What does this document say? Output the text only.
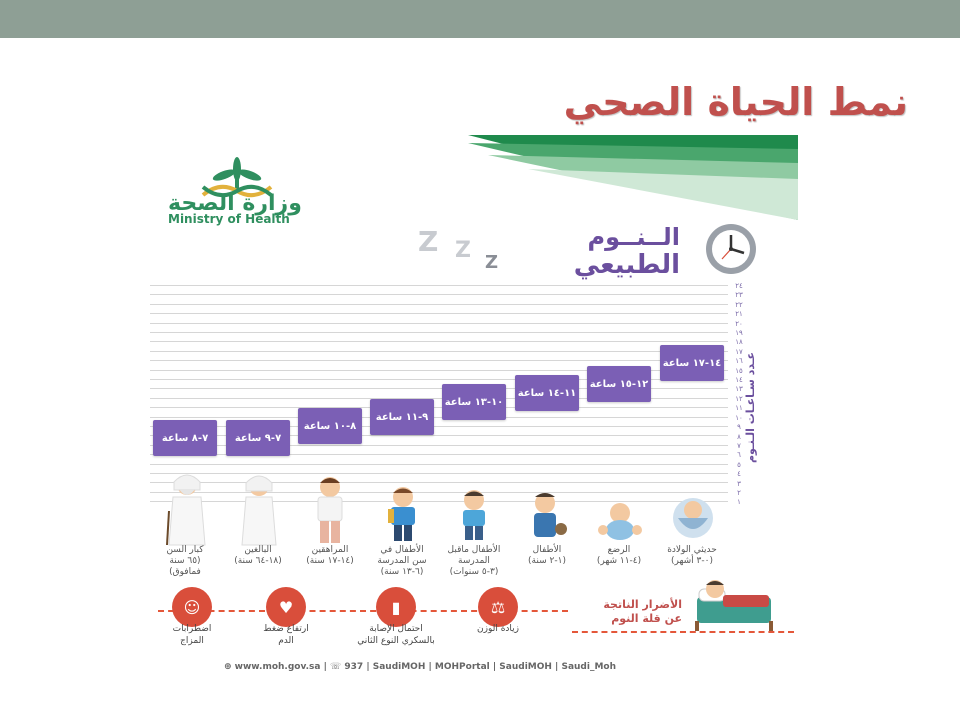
نمط الحياة الصحي
وزارة الصحة
Ministry of Health
Z Z Z
الــنــوم
الطبيعي
٢٤
٢٣
٢٢
٢١
٢٠
١٩
١٨
١٧
١٦
١٥
١٤
١٣
١٢
١١
١٠
٩
٨
٧
٦
٥
٤
٣
٢
١
عـدد سـاعـات الـنـوم
١٤-١٧ ساعة
١٢-١٥ ساعة
١١-١٤ ساعة
١٠-١٣ ساعة
٩-١١ ساعة
٨-١٠ ساعة
٧-٩ ساعة
٧-٨ ساعة
حديثي الولادة
(٠-٣ أشهر)
الرضع
(٤-١١ شهر)
الأطفال
(١-٢ سنة)
الأطفال ماقبل
المدرسة
(٣-٥ سنوات)
الأطفال في
سن المدرسة
(٦-١٣ سنة)
المراهقين
(١٤-١٧ سنة)
البالغين
(١٨-٦٤ سنة)
كبار السن
(٦٥ سنة
فمافوق)
⚖
زيادة الوزن
▮
احتمال الإصابة
بالسكري النوع الثاني
♥
ارتفاع ضغط
الدم
☺
اضطرابات
المزاج
الأضرار الناتجة
عن قلة النوم
⊕ www.moh.gov.sa | ☏ 937 | SaudiMOH | MOHPortal | SaudiMOH | Saudi_Moh
